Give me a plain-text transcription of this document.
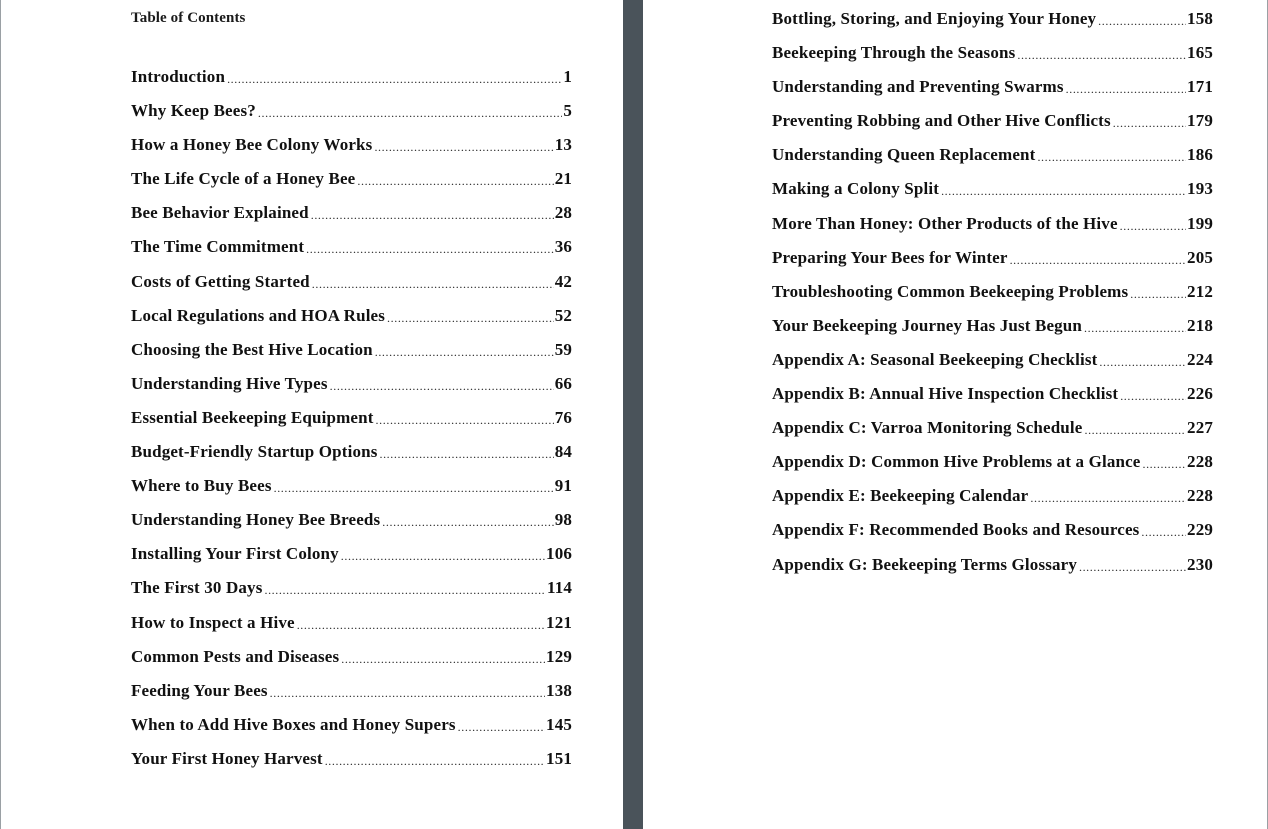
Table of Contents
Introduction .....	1
Why Keep Bees? .....	5
How a Honey Bee Colony Works .....	13
The Life Cycle of a Honey Bee .....	21
Bee Behavior Explained .....	28
The Time Commitment .....	36
Costs of Getting Started .....	42
Local Regulations and HOA Rules .....	52
Choosing the Best Hive Location .....	59
Understanding Hive Types .....	66
Essential Beekeeping Equipment .....	76
Budget-Friendly Startup Options .....	84
Where to Buy Bees .....	91
Understanding Honey Bee Breeds .....	98
Installing Your First Colony .....	106
The First 30 Days .....	114
How to Inspect a Hive .....	121
Common Pests and Diseases .....	129
Feeding Your Bees .....	138
When to Add Hive Boxes and Honey Supers .....	145
Your First Honey Harvest .....	151
Bottling, Storing, and Enjoying Your Honey .....	158
Beekeeping Through the Seasons .....	165
Understanding and Preventing Swarms .....	171
Preventing Robbing and Other Hive Conflicts .....	179
Understanding Queen Replacement .....	186
Making a Colony Split .....	193
More Than Honey: Other Products of the Hive .....	199
Preparing Your Bees for Winter .....	205
Troubleshooting Common Beekeeping Problems .....	212
Your Beekeeping Journey Has Just Begun .....	218
Appendix A: Seasonal Beekeeping Checklist .....	224
Appendix B: Annual Hive Inspection Checklist .....	226
Appendix C: Varroa Monitoring Schedule .....	227
Appendix D: Common Hive Problems at a Glance .....	228
Appendix E: Beekeeping Calendar .....	228
Appendix F: Recommended Books and Resources .....	229
Appendix G: Beekeeping Terms Glossary .....	230
